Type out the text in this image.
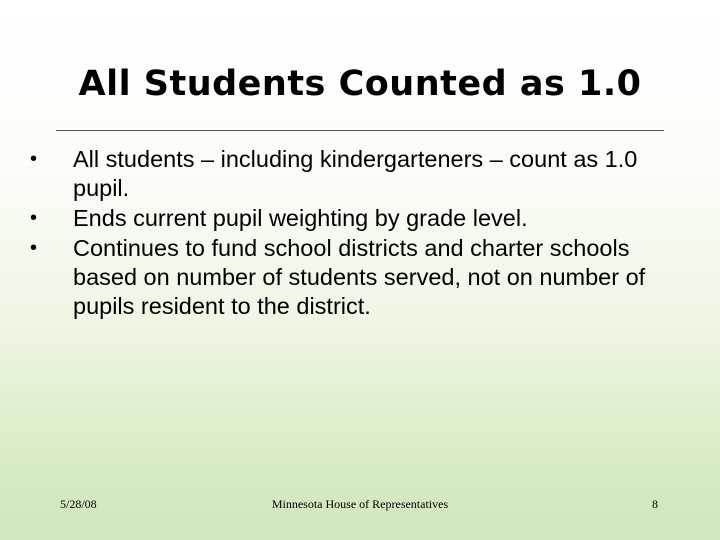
All Students Counted as 1.0
• All students – including kindergarteners – count as 1.0 pupil.
• Ends current pupil weighting by grade level.
• Continues to fund school districts and charter schools based on number of students served, not on number of pupils resident to the district.
5/28/08	Minnesota House of Representatives	8
